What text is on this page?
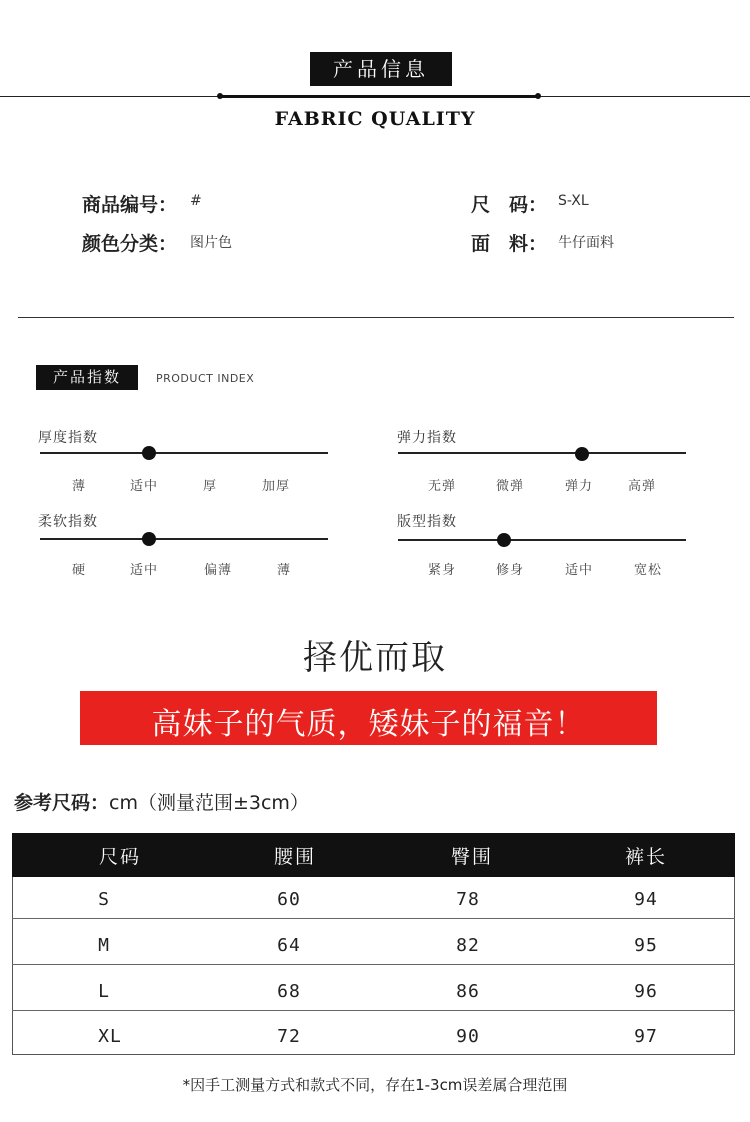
产品信息
FABRIC QUALITY
商品编号： #	尺　码： S-XL
颜色分类： 图片色	面　料： 牛仔面料
产品指数	PRODUCT INDEX
厚度指数
薄	适中	厚	加厚
弹力指数
无弹	微弹	弹力	高弹
柔软指数
硬	适中	偏薄	薄
版型指数
紧身	修身	适中	宽松
择优而取
高妹子的气质，矮妹子的福音！
参考尺码：cm（测量范围±3cm）
尺码	腰围	臀围	裤长
S	60	78	94
M	64	82	95
L	68	86	96
XL	72	90	97
*因手工测量方式和款式不同，存在1-3cm误差属合理范围
